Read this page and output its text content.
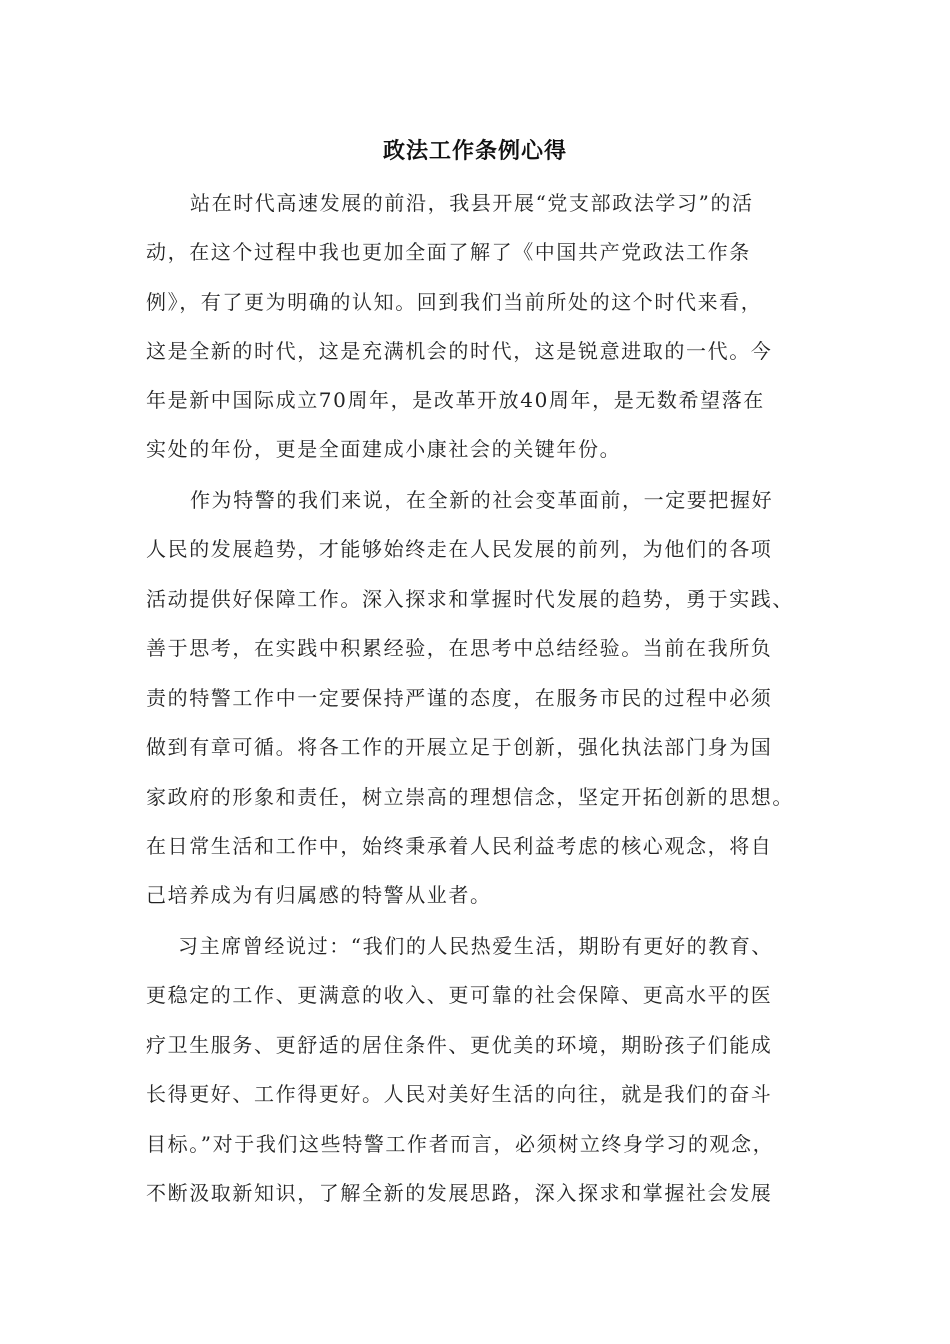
政法工作条例心得
站在时代高速发展的前沿，我县开展“党支部政法学习”的活
动，在这个过程中我也更加全面了解了《中国共产党政法工作条
例》，有了更为明确的认知。回到我们当前所处的这个时代来看，
这是全新的时代，这是充满机会的时代，这是锐意进取的一代。今
年是新中国际成立70周年，是改革开放40周年，是无数希望落在
实处的年份，更是全面建成小康社会的关键年份。
作为特警的我们来说，在全新的社会变革面前，一定要把握好
人民的发展趋势，才能够始终走在人民发展的前列，为他们的各项
活动提供好保障工作。深入探求和掌握时代发展的趋势，勇于实践、
善于思考，在实践中积累经验，在思考中总结经验。当前在我所负
责的特警工作中一定要保持严谨的态度，在服务市民的过程中必须
做到有章可循。将各工作的开展立足于创新，强化执法部门身为国
家政府的形象和责任，树立崇高的理想信念，坚定开拓创新的思想。
在日常生活和工作中，始终秉承着人民利益考虑的核心观念，将自
己培养成为有归属感的特警从业者。
习主席曾经说过：“我们的人民热爱生活，期盼有更好的教育、
更稳定的工作、更满意的收入、更可靠的社会保障、更高水平的医
疗卫生服务、更舒适的居住条件、更优美的环境，期盼孩子们能成
长得更好、工作得更好。人民对美好生活的向往，就是我们的奋斗
目标。”对于我们这些特警工作者而言，必须树立终身学习的观念，
不断汲取新知识，了解全新的发展思路，深入探求和掌握社会发展
